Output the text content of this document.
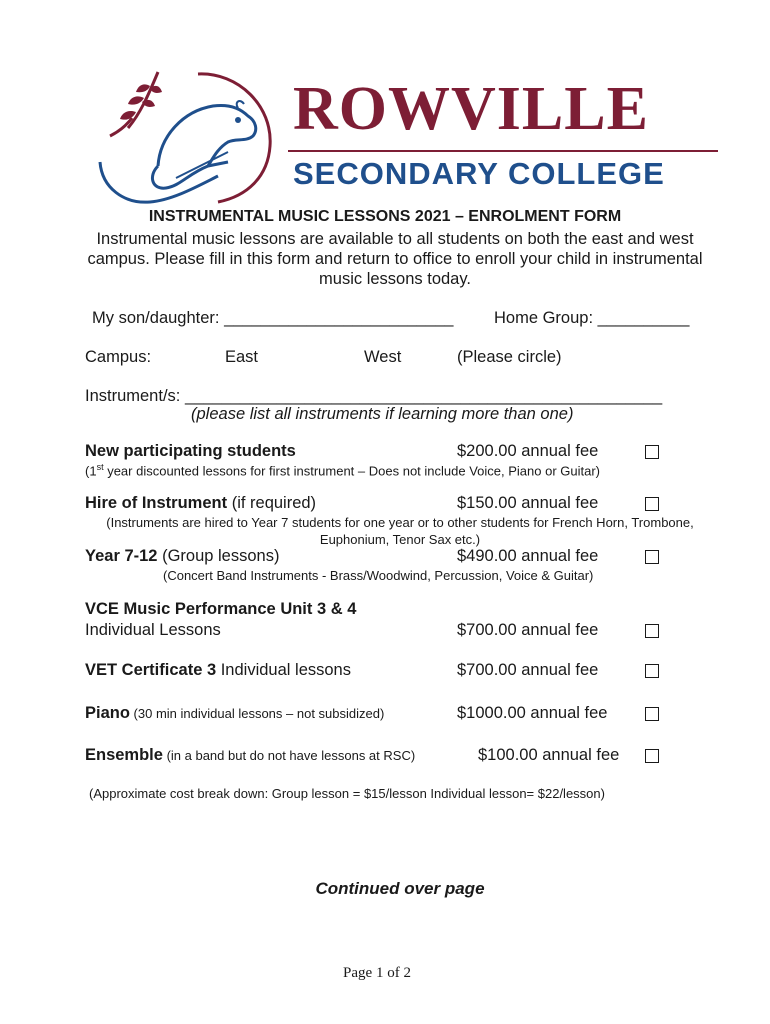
ROWVILLE
SECONDARY COLLEGE
INSTRUMENTAL MUSIC LESSONS 2021 – ENROLMENT FORM
Instrumental music lessons are available to all students on both the east and west campus. Please fill in this form and return to office to enroll your child in instrumental music lessons today.
My son/daughter: _________________________ Home Group: __________
Campus:	East	West	(Please circle)
Instrument/s: ____________________________________________________
(please list all instruments if learning more than one)
New participating students	$200.00 annual fee
(1st year discounted lessons for first instrument – Does not include Voice, Piano or Guitar)
Hire of Instrument (if required)	$150.00 annual fee
(Instruments are hired to Year 7 students for one year or to other students for French Horn, Trombone, Euphonium, Tenor Sax etc.)
Year 7-12 (Group lessons)	$490.00 annual fee
(Concert Band Instruments - Brass/Woodwind, Percussion, Voice & Guitar)
VCE Music Performance Unit 3 & 4
Individual Lessons	$700.00 annual fee
VET Certificate 3 Individual lessons	$700.00 annual fee
Piano (30 min individual lessons – not subsidized)	$1000.00 annual fee
Ensemble (in a band but do not have lessons at RSC)	$100.00 annual fee
(Approximate cost break down: Group lesson = $15/lesson Individual lesson= $22/lesson)
Continued over page
Page 1 of 2
